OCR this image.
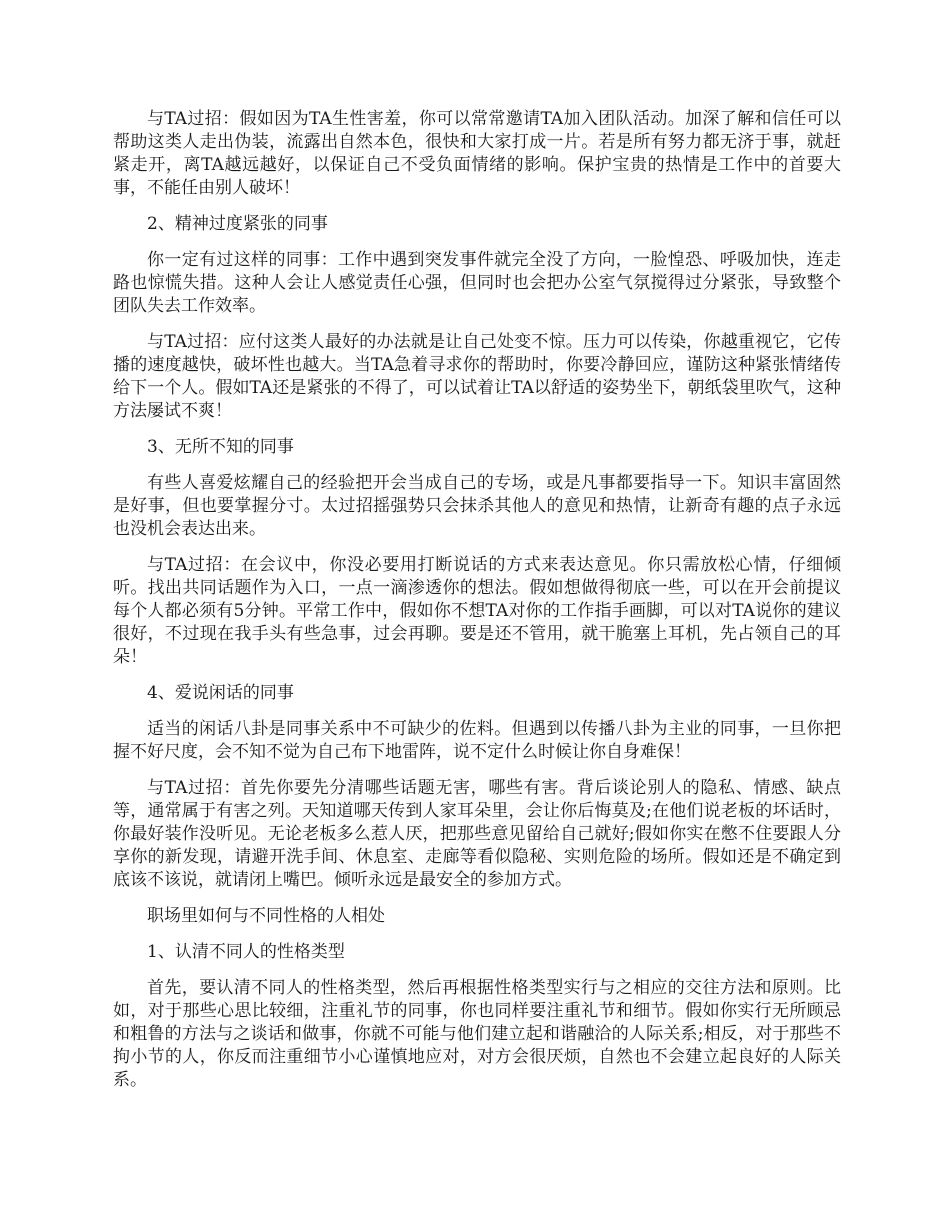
与TA过招：假如因为TA生性害羞，你可以常常邀请TA加入团队活动。加深了解和信任可以帮助这类人走出伪装，流露出自然本色，很快和大家打成一片。若是所有努力都无济于事，就赶紧走开，离TA越远越好，以保证自己不受负面情绪的影响。保护宝贵的热情是工作中的首要大事，不能任由别人破坏！

2、精神过度紧张的同事

你一定有过这样的同事：工作中遇到突发事件就完全没了方向，一脸惶恐、呼吸加快，连走路也惊慌失措。这种人会让人感觉责任心强，但同时也会把办公室气氛搅得过分紧张，导致整个团队失去工作效率。

与TA过招：应付这类人最好的办法就是让自己处变不惊。压力可以传染，你越重视它，它传播的速度越快，破坏性也越大。当TA急着寻求你的帮助时，你要冷静回应，谨防这种紧张情绪传给下一个人。假如TA还是紧张的不得了，可以试着让TA以舒适的姿势坐下，朝纸袋里吹气，这种方法屡试不爽！

3、无所不知的同事

有些人喜爱炫耀自己的经验把开会当成自己的专场，或是凡事都要指导一下。知识丰富固然是好事，但也要掌握分寸。太过招摇强势只会抹杀其他人的意见和热情，让新奇有趣的点子永远也没机会表达出来。

与TA过招：在会议中，你没必要用打断说话的方式来表达意见。你只需放松心情，仔细倾听。找出共同话题作为入口，一点一滴渗透你的想法。假如想做得彻底一些，可以在开会前提议每个人都必须有5分钟。平常工作中，假如你不想TA对你的工作指手画脚，可以对TA说你的建议很好，不过现在我手头有些急事，过会再聊。要是还不管用，就干脆塞上耳机，先占领自己的耳朵！

4、爱说闲话的同事

适当的闲话八卦是同事关系中不可缺少的佐料。但遇到以传播八卦为主业的同事，一旦你把握不好尺度，会不知不觉为自己布下地雷阵，说不定什么时候让你自身难保！

与TA过招：首先你要先分清哪些话题无害，哪些有害。背后谈论别人的隐私、情感、缺点等，通常属于有害之列。天知道哪天传到人家耳朵里，会让你后悔莫及;在他们说老板的坏话时，你最好装作没听见。无论老板多么惹人厌，把那些意见留给自己就好;假如你实在憋不住要跟人分享你的新发现，请避开洗手间、休息室、走廊等看似隐秘、实则危险的场所。假如还是不确定到底该不该说，就请闭上嘴巴。倾听永远是最安全的参加方式。

职场里如何与不同性格的人相处

1、认清不同人的性格类型

首先，要认清不同人的性格类型，然后再根据性格类型实行与之相应的交往方法和原则。比如，对于那些心思比较细，注重礼节的同事，你也同样要注重礼节和细节。假如你实行无所顾忌和粗鲁的方法与之谈话和做事，你就不可能与他们建立起和谐融洽的人际关系;相反，对于那些不拘小节的人，你反而注重细节小心谨慎地应对，对方会很厌烦，自然也不会建立起良好的人际关系。
